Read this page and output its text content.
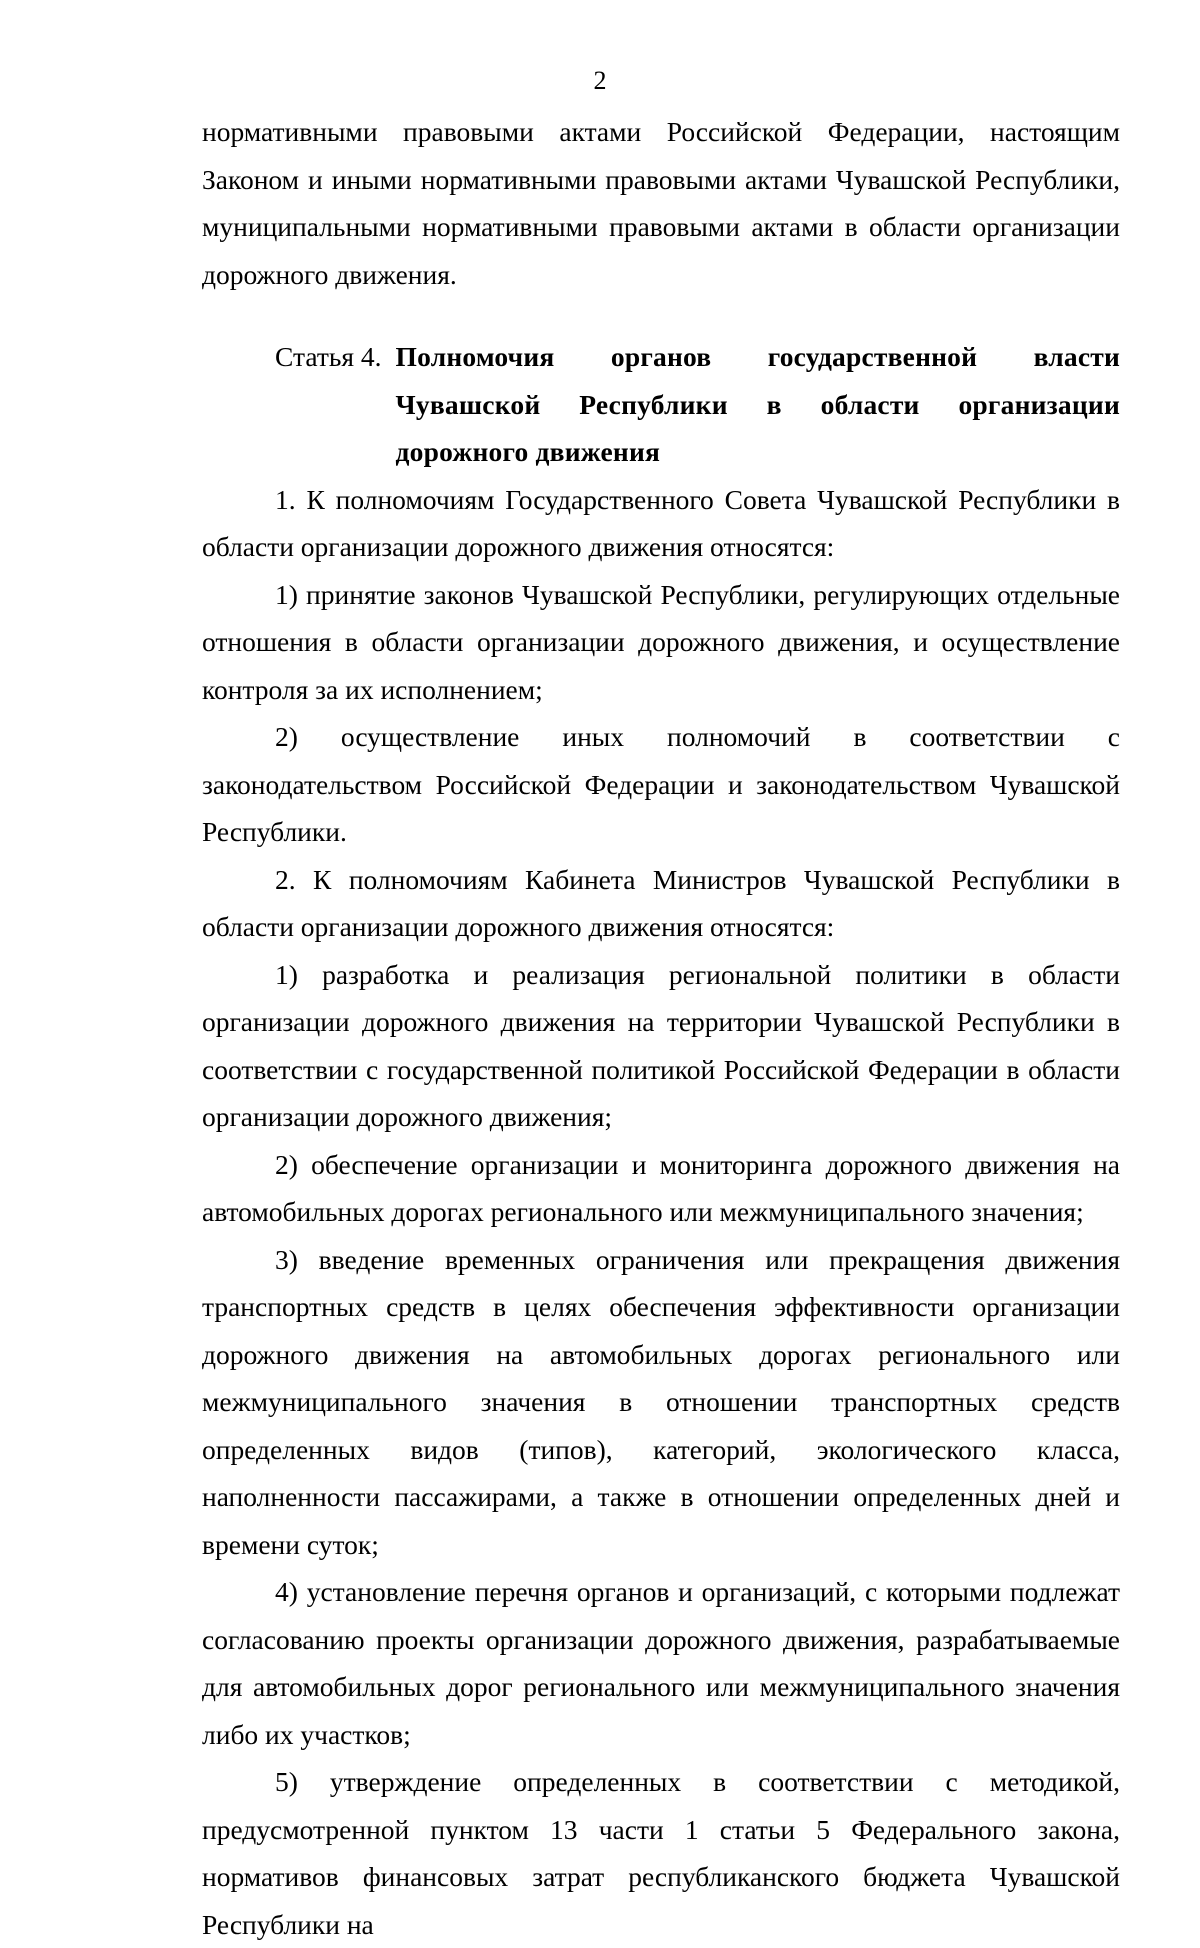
2

нормативными правовыми актами Российской Федерации, настоящим Законом и иными нормативными правовыми актами Чувашской Республики, муниципальными нормативными правовыми актами в области организации дорожного движения.

Статья 4. Полномочия органов государственной власти Чувашской Республики в области организации дорожного движения

1. К полномочиям Государственного Совета Чувашской Республики в области организации дорожного движения относятся:

1) принятие законов Чувашской Республики, регулирующих отдельные отношения в области организации дорожного движения, и осуществление контроля за их исполнением;

2) осуществление иных полномочий в соответствии с законодательством Российской Федерации и законодательством Чувашской Республики.

2. К полномочиям Кабинета Министров Чувашской Республики в области организации дорожного движения относятся:

1) разработка и реализация региональной политики в области организации дорожного движения на территории Чувашской Республики в соответствии с государственной политикой Российской Федерации в области организации дорожного движения;

2) обеспечение организации и мониторинга дорожного движения на автомобильных дорогах регионального или межмуниципального значения;

3) введение временных ограничения или прекращения движения транспортных средств в целях обеспечения эффективности организации дорожного движения на автомобильных дорогах регионального или межмуниципального значения в отношении транспортных средств определенных видов (типов), категорий, экологического класса, наполненности пассажирами, а также в отношении определенных дней и времени суток;

4) установление перечня органов и организаций, с которыми подлежат согласованию проекты организации дорожного движения, разрабатываемые для автомобильных дорог регионального или межмуниципального значения либо их участков;

5) утверждение определенных в соответствии с методикой, предусмотренной пунктом 13 части 1 статьи 5 Федерального закона, нормативов финансовых затрат республиканского бюджета Чувашской Республики на
